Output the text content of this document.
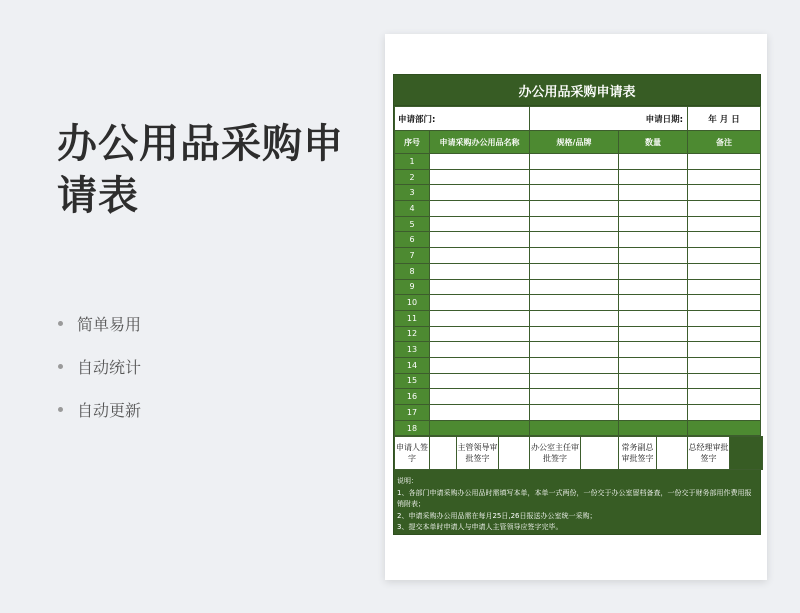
办公用品采购申请表
简单易用
自动统计
自动更新
办公用品采购申请表
申请部门:		申请日期:		年 月 日
序号	申请采购办公用品名称	规格/品牌	数量	备注
1				
2				
3				
4				
5				
6				
7				
8				
9				
10				
11				
12				
13				
14				
15				
16				
17				
18				
申请人签字		主管领导审批签字		办公室主任审批签字		常务副总审批签字		总经理审批签字	
说明：
1、各部门申请采购办公用品时需填写本单，本单一式两份，一份交于办公室留档备查，一份交于财务部用作费用报销附表；
2、申请采购办公用品需在每月25日,26日报送办公室统一采购；
3、提交本单时申请人与申请人主管领导应签字完毕。
